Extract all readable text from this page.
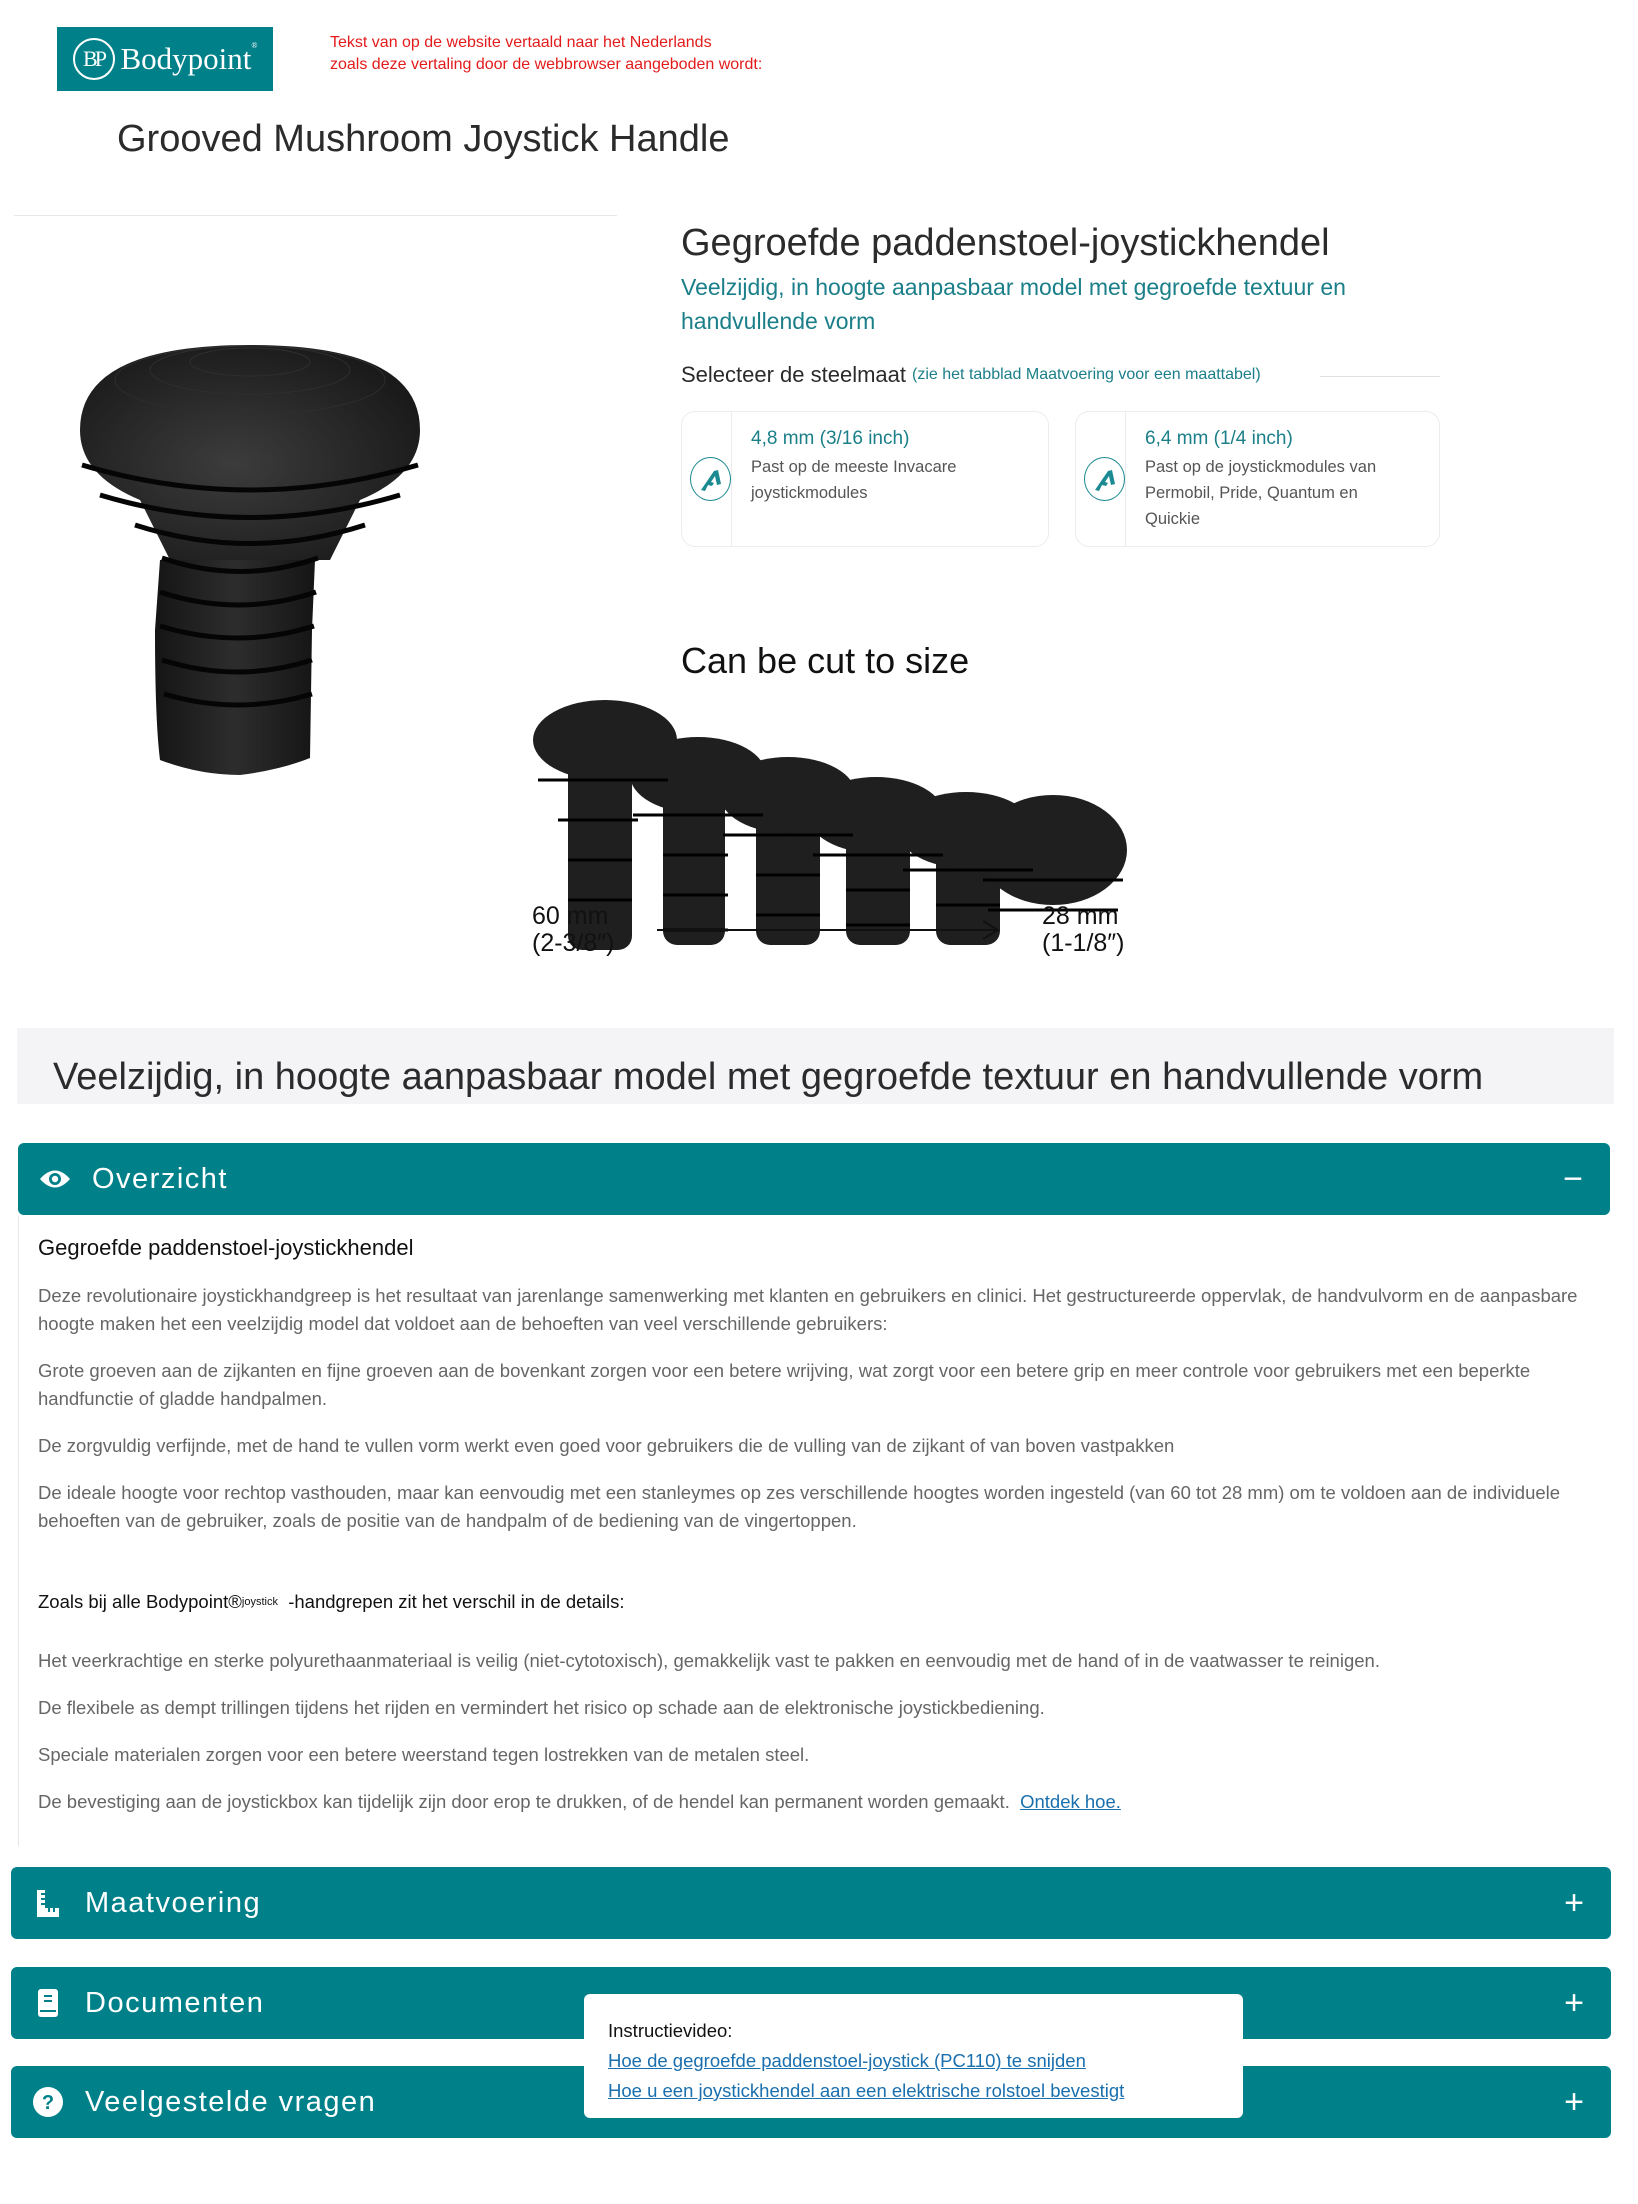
BP Bodypoint®	Tekst van op de website vertaald naar het Nederlands
zoals deze vertaling door de webbrowser aangeboden wordt:
Grooved Mushroom Joystick Handle
Gegroefde paddenstoel-joystickhendel
Veelzijdig, in hoogte aanpasbaar model met gegroefde textuur en handvullende vorm
Selecteer de steelmaat (zie het tabblad Maatvoering voor een maattabel)
4,8 mm (3/16 inch)
Past op de meeste Invacare joystickmodules
6,4 mm (1/4 inch)
Past op de joystickmodules van Permobil, Pride, Quantum en Quickie
Can be cut to size
60 mm
(2-3/8″)
28 mm
(1-1/8″)
Veelzijdig, in hoogte aanpasbaar model met gegroefde textuur en handvullende vorm
Overzicht	−
Gegroefde paddenstoel-joystickhendel
Deze revolutionaire joystickhandgreep is het resultaat van jarenlange samenwerking met klanten en gebruikers en clinici. Het gestructureerde oppervlak, de handvulvorm en de aanpasbare hoogte maken het een veelzijdig model dat voldoet aan de behoeften van veel verschillende gebruikers:
Grote groeven aan de zijkanten en fijne groeven aan de bovenkant zorgen voor een betere wrijving, wat zorgt voor een betere grip en meer controle voor gebruikers met een beperkte handfunctie of gladde handpalmen.
De zorgvuldig verfijnde, met de hand te vullen vorm werkt even goed voor gebruikers die de vulling van de zijkant of van boven vastpakken
De ideale hoogte voor rechtop vasthouden, maar kan eenvoudig met een stanleymes op zes verschillende hoogtes worden ingesteld (van 60 tot 28 mm) om te voldoen aan de individuele behoeften van de gebruiker, zoals de positie van de handpalm of de bediening van de vingertoppen.
Zoals bij alle Bodypoint®$^{joystick}$ -handgrepen zit het verschil in de details:
Het veerkrachtige en sterke polyurethaanmateriaal is veilig (niet-cytotoxisch), gemakkelijk vast te pakken en eenvoudig met de hand of in de vaatwasser te reinigen.
De flexibele as dempt trillingen tijdens het rijden en vermindert het risico op schade aan de elektronische joystickbediening.
Speciale materialen zorgen voor een betere weerstand tegen lostrekken van de metalen steel.
De bevestiging aan de joystickbox kan tijdelijk zijn door erop te drukken, of de hendel kan permanent worden gemaakt. Ontdek hoe.
Maatvoering	+
Documenten	+
? Veelgestelde vragen	+
Instructievideo:
Hoe de gegroefde paddenstoel-joystick (PC110) te snijden
Hoe u een joystickhendel aan een elektrische rolstoel bevestigt
